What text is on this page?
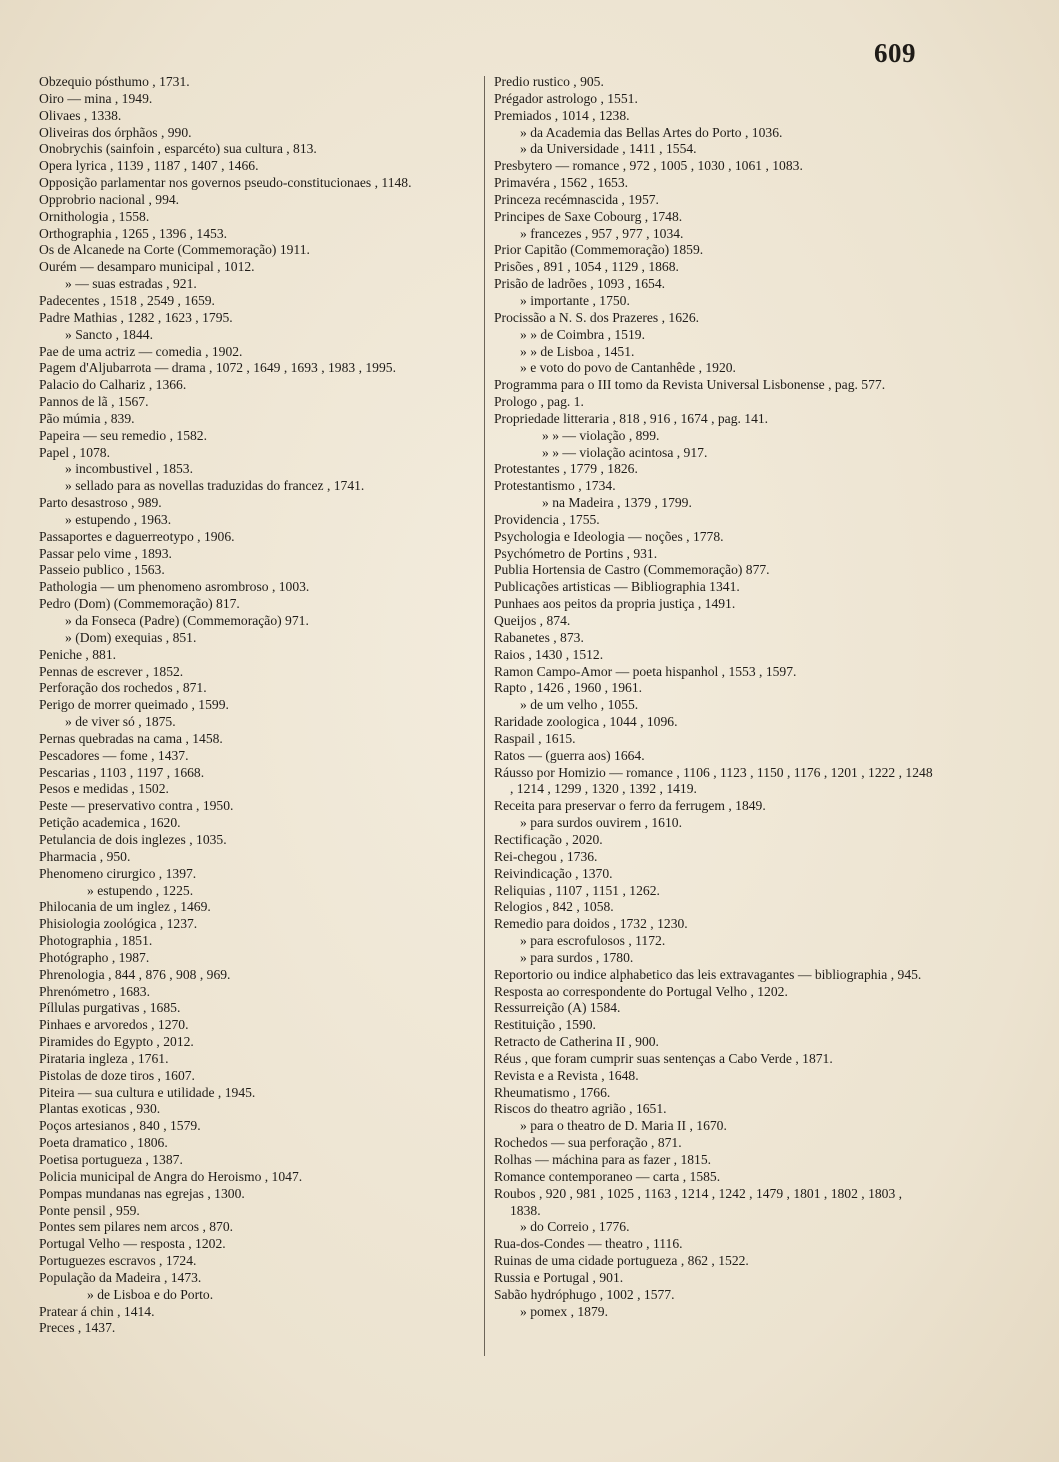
609
Obzequio pósthumo , 1731.
Oiro — mina , 1949.
Olivaes , 1338.
Oliveiras dos órphãos , 990.
Onobrychis (sainfoin , esparcéto) sua cultura , 813.
Opera lyrica , 1139 , 1187 , 1407 , 1466.
Opposição parlamentar nos governos pseudo-constitucionaes , 1148.
Opprobrio nacional , 994.
Ornithologia , 1558.
Orthographia , 1265 , 1396 , 1453.
Os de Alcanede na Corte (Commemoração) 1911.
Ourém — desamparo municipal , 1012.
» — suas estradas , 921.
Padecentes , 1518 , 2549 , 1659.
Padre Mathias , 1282 , 1623 , 1795.
» Sancto , 1844.
Pae de uma actriz — comedia , 1902.
Pagem d'Aljubarrota — drama , 1072 , 1649 , 1693 , 1983 , 1995.
Palacio do Calhariz , 1366.
Pannos de lã , 1567.
Pão múmia , 839.
Papeira — seu remedio , 1582.
Papel , 1078.
» incombustivel , 1853.
» sellado para as novellas traduzidas do francez , 1741.
Parto desastroso , 989.
» estupendo , 1963.
Passaportes e daguerreotypo , 1906.
Passar pelo vime , 1893.
Passeio publico , 1563.
Pathologia — um phenomeno asrombroso , 1003.
Pedro (Dom) (Commemoração) 817.
» da Fonseca (Padre) (Commemoração) 971.
» (Dom) exequias , 851.
Peniche , 881.
Pennas de escrever , 1852.
Perforação dos rochedos , 871.
Perigo de morrer queimado , 1599.
» de viver só , 1875.
Pernas quebradas na cama , 1458.
Pescadores — fome , 1437.
Pescarias , 1103 , 1197 , 1668.
Pesos e medidas , 1502.
Peste — preservativo contra , 1950.
Petição academica , 1620.
Petulancia de dois inglezes , 1035.
Pharmacia , 950.
Phenomeno cirurgico , 1397.
» estupendo , 1225.
Philocania de um inglez , 1469.
Phisiologia zoológica , 1237.
Photographia , 1851.
Photógrapho , 1987.
Phrenologia , 844 , 876 , 908 , 969.
Phrenómetro , 1683.
Píllulas purgativas , 1685.
Pinhaes e arvoredos , 1270.
Piramides do Egypto , 2012.
Pirataria ingleza , 1761.
Pistolas de doze tiros , 1607.
Piteira — sua cultura e utilidade , 1945.
Plantas exoticas , 930.
Poços artesianos , 840 , 1579.
Poeta dramatico , 1806.
Poetisa portugueza , 1387.
Policia municipal de Angra do Heroismo , 1047.
Pompas mundanas nas egrejas , 1300.
Ponte pensil , 959.
Pontes sem pilares nem arcos , 870.
Portugal Velho — resposta , 1202.
Portuguezes escravos , 1724.
População da Madeira , 1473.
» de Lisboa e do Porto.
Pratear á chin , 1414.
Preces , 1437.
Predio rustico , 905.
Prégador astrologo , 1551.
Premiados , 1014 , 1238.
» da Academia das Bellas Artes do Porto , 1036.
» da Universidade , 1411 , 1554.
Presbytero — romance , 972 , 1005 , 1030 , 1061 , 1083.
Primavéra , 1562 , 1653.
Princeza recémnascida , 1957.
Principes de Saxe Cobourg , 1748.
» francezes , 957 , 977 , 1034.
Prior Capitão (Commemoração) 1859.
Prisões , 891 , 1054 , 1129 , 1868.
Prisão de ladrões , 1093 , 1654.
» importante , 1750.
Procissão a N. S. dos Prazeres , 1626.
» » de Coimbra , 1519.
» » de Lisboa , 1451.
» e voto do povo de Cantanhêde , 1920.
Programma para o III tomo da Revista Universal Lisbonense , pag. 577.
Prologo , pag. 1.
Propriedade litteraria , 818 , 916 , 1674 , pag. 141.
» » — violação , 899.
» » — violação acintosa , 917.
Protestantes , 1779 , 1826.
Protestantismo , 1734.
» na Madeira , 1379 , 1799.
Providencia , 1755.
Psychologia e Ideologia — noções , 1778.
Psychómetro de Portins , 931.
Publia Hortensia de Castro (Commemoração) 877.
Publicações artisticas — Bibliographia 1341.
Punhaes aos peitos da propria justiça , 1491.
Queijos , 874.
Rabanetes , 873.
Raios , 1430 , 1512.
Ramon Campo-Amor — poeta hispanhol , 1553 , 1597.
Rapto , 1426 , 1960 , 1961.
» de um velho , 1055.
Raridade zoologica , 1044 , 1096.
Raspail , 1615.
Ratos — (guerra aos) 1664.
Ráusso por Homizio — romance , 1106 , 1123 , 1150 , 1176 , 1201 , 1222 , 1248 , 1214 , 1299 , 1320 , 1392 , 1419.
Receita para preservar o ferro da ferrugem , 1849.
» para surdos ouvirem , 1610.
Rectificação , 2020.
Rei-chegou , 1736.
Reivindicação , 1370.
Reliquias , 1107 , 1151 , 1262.
Relogios , 842 , 1058.
Remedio para doidos , 1732 , 1230.
» para escrofulosos , 1172.
» para surdos , 1780.
Reportorio ou indice alphabetico das leis extravagantes — bibliographia , 945.
Resposta ao correspondente do Portugal Velho , 1202.
Ressurreição (A) 1584.
Restituição , 1590.
Retracto de Catherina II , 900.
Réus , que foram cumprir suas sentenças a Cabo Verde , 1871.
Revista e a Revista , 1648.
Rheumatismo , 1766.
Riscos do theatro agrião , 1651.
» para o theatro de D. Maria II , 1670.
Rochedos — sua perforação , 871.
Rolhas — máchina para as fazer , 1815.
Romance contemporaneo — carta , 1585.
Roubos , 920 , 981 , 1025 , 1163 , 1214 , 1242 , 1479 , 1801 , 1802 , 1803 , 1838.
» do Correio , 1776.
Rua-dos-Condes — theatro , 1116.
Ruinas de uma cidade portugueza , 862 , 1522.
Russia e Portugal , 901.
Sabão hydróphugo , 1002 , 1577.
» pomex , 1879.
